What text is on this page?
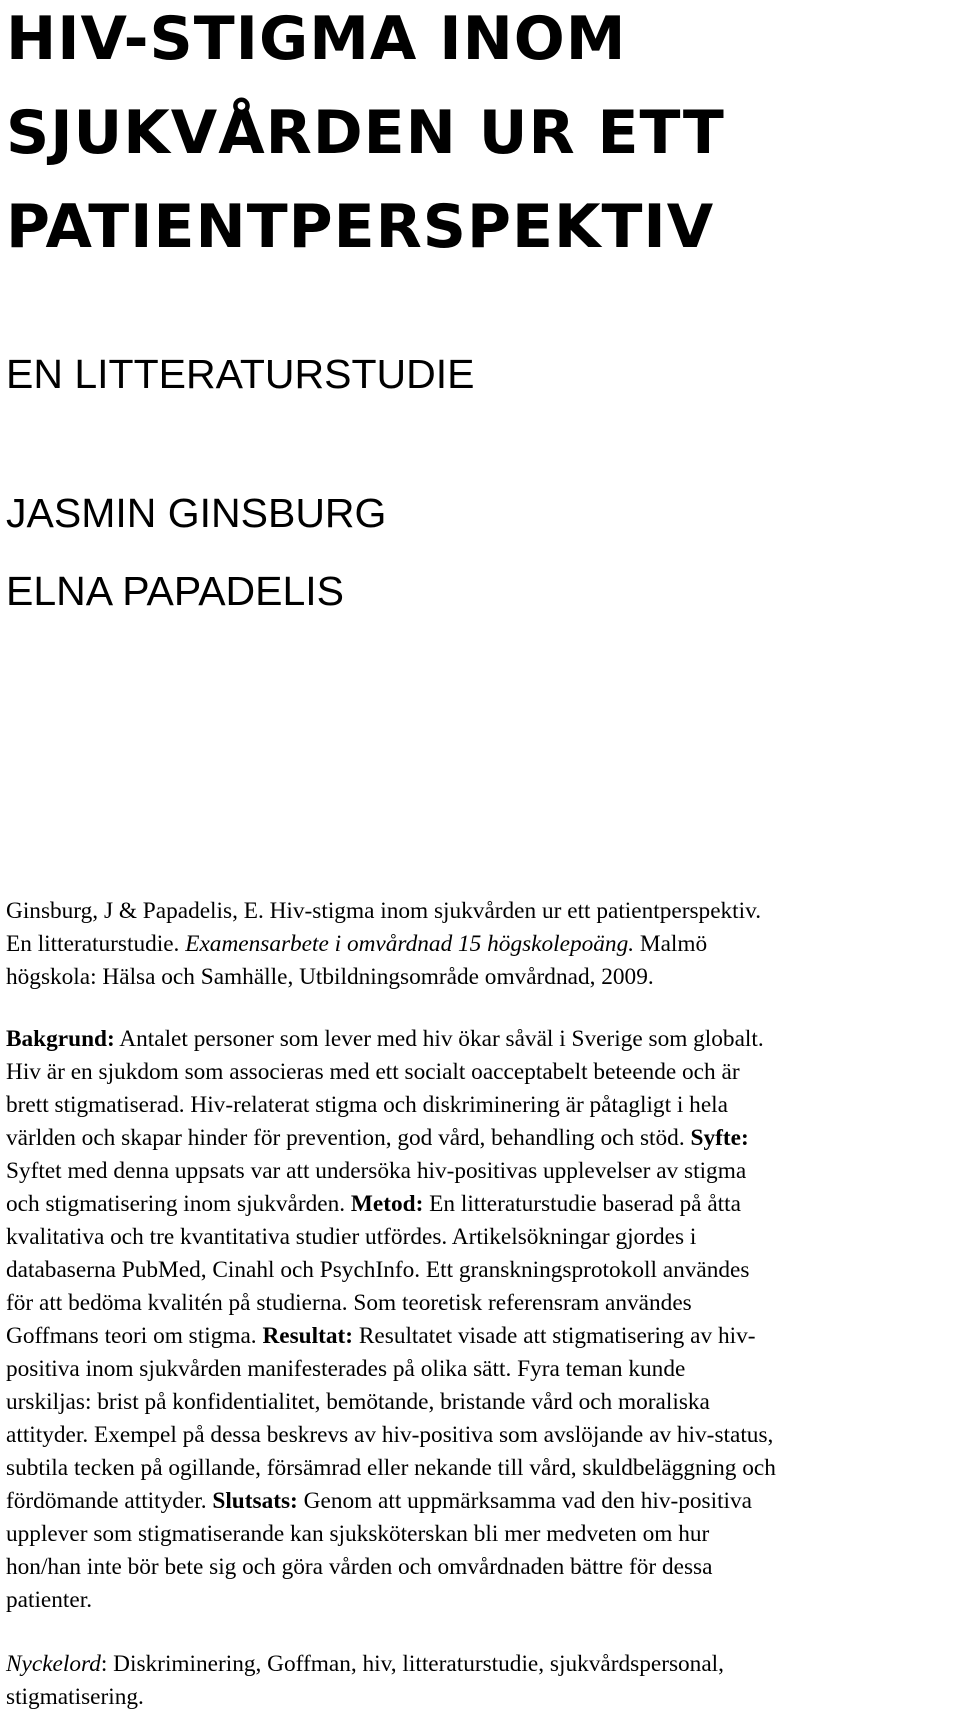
HIV-STIGMA INOM
SJUKVÅRDEN UR ETT
PATIENTPERSPEKTIV
EN LITTERATURSTUDIE

JASMIN GINSBURG

ELNA PAPADELIS

Ginsburg, J & Papadelis, E. Hiv-stigma inom sjukvården ur ett patientperspektiv.
En litteraturstudie. Examensarbete i omvårdnad 15 högskolepoäng. Malmö
högskola: Hälsa och Samhälle, Utbildningsområde omvårdnad, 2009.
Bakgrund: Antalet personer som lever med hiv ökar såväl i Sverige som globalt.
Hiv är en sjukdom som associeras med ett socialt oacceptabelt beteende och är
brett stigmatiserad. Hiv-relaterat stigma och diskriminering är påtagligt i hela
världen och skapar hinder för prevention, god vård, behandling och stöd. Syfte:
Syftet med denna uppsats var att undersöka hiv-positivas upplevelser av stigma
och stigmatisering inom sjukvården. Metod: En litteraturstudie baserad på åtta
kvalitativa och tre kvantitativa studier utfördes. Artikelsökningar gjordes i
databaserna PubMed, Cinahl och PsychInfo. Ett granskningsprotokoll användes
för att bedöma kvalitén på studierna. Som teoretisk referensram användes
Goffmans teori om stigma. Resultat: Resultatet visade att stigmatisering av hiv-
positiva inom sjukvården manifesterades på olika sätt. Fyra teman kunde
urskiljas: brist på konfidentialitet, bemötande, bristande vård och moraliska
attityder. Exempel på dessa beskrevs av hiv-positiva som avslöjande av hiv-status,
subtila tecken på ogillande, försämrad eller nekande till vård, skuldbeläggning och
fördömande attityder. Slutsats: Genom att uppmärksamma vad den hiv-positiva
upplever som stigmatiserande kan sjuksköterskan bli mer medveten om hur
hon/han inte bör bete sig och göra vården och omvårdnaden bättre för dessa
patienter.
Nyckelord: Diskriminering, Goffman, hiv, litteraturstudie, sjukvårdspersonal,
stigmatisering.
